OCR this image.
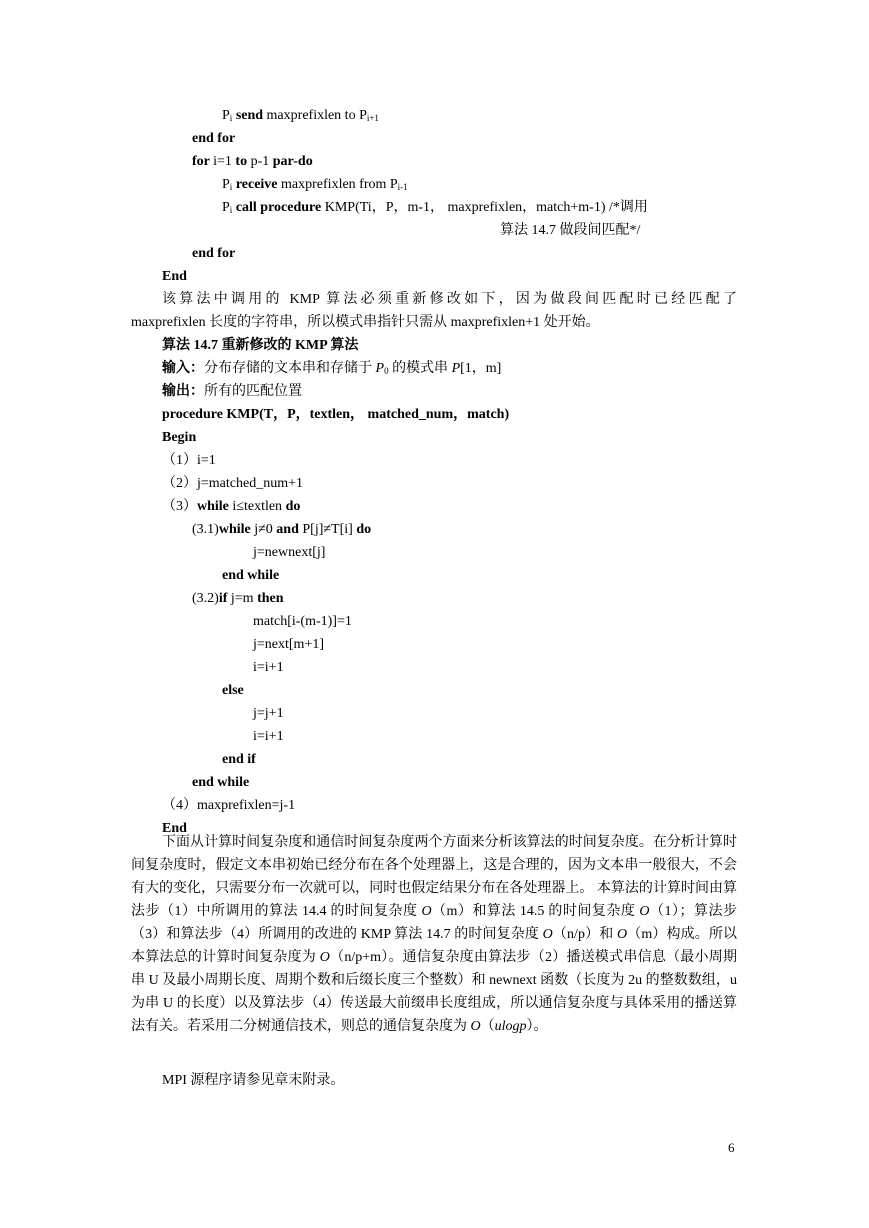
$P_i$ send maxprefixlen to $P_{i+1}$
end for
for i=1 to p-1 par-do
$P_i$ receive maxprefixlen from $P_{i-1}$
$P_i$ call procedure KMP(Ti，P，m-1， maxprefixlen，match+m-1) /*调用
算法 14.7 做段间匹配*/
end for
End
该算法中调用的 KMP 算法必须重新修改如下，因为做段间匹配时已经匹配了
maxprefixlen 长度的字符串，所以模式串指针只需从 maxprefixlen+1 处开始。
算法 14.7 重新修改的 KMP 算法
输入：分布存储的文本串和存储于 $P_0$ 的模式串 P[1，m]
输出：所有的匹配位置
procedure KMP(T，P，textlen， matched_num，match)
Begin
（1）i=1
（2）j=matched_num+1
（3）while i≤textlen do
(3.1)while j≠0 and P[j]≠T[i] do
j=newnext[j]
end while
(3.2)if j=m then
match[i-(m-1)]=1
j=next[m+1]
i=i+1
else
j=j+1
i=i+1
end if
end while
（4）maxprefixlen=j-1
End
下面从计算时间复杂度和通信时间复杂度两个方面来分析该算法的时间复杂度。在分析计算时间复杂度时，假定文本串初始已经分布在各个处理器上，这是合理的，因为文本串一般很大，不会有大的变化，只需要分布一次就可以，同时也假定结果分布在各处理器上。 本算法的计算时间由算法步（1）中所调用的算法 14.4 的时间复杂度 O（m）和算法 14.5 的时间复杂度 O（1）；算法步（3）和算法步（4）所调用的改进的 KMP 算法 14.7 的时间复杂度 O（n/p）和 O（m）构成。所以本算法总的计算时间复杂度为 O（n/p+m）。通信复杂度由算法步（2）播送模式串信息（最小周期串 U 及最小周期长度、周期个数和后缀长度三个整数）和 newnext 函数（长度为 2u 的整数数组，u 为串 U 的长度）以及算法步（4）传送最大前缀串长度组成，所以通信复杂度与具体采用的播送算法有关。若采用二分树通信技术，则总的通信复杂度为 O（ulogp）。
MPI 源程序请参见章末附录。
6
